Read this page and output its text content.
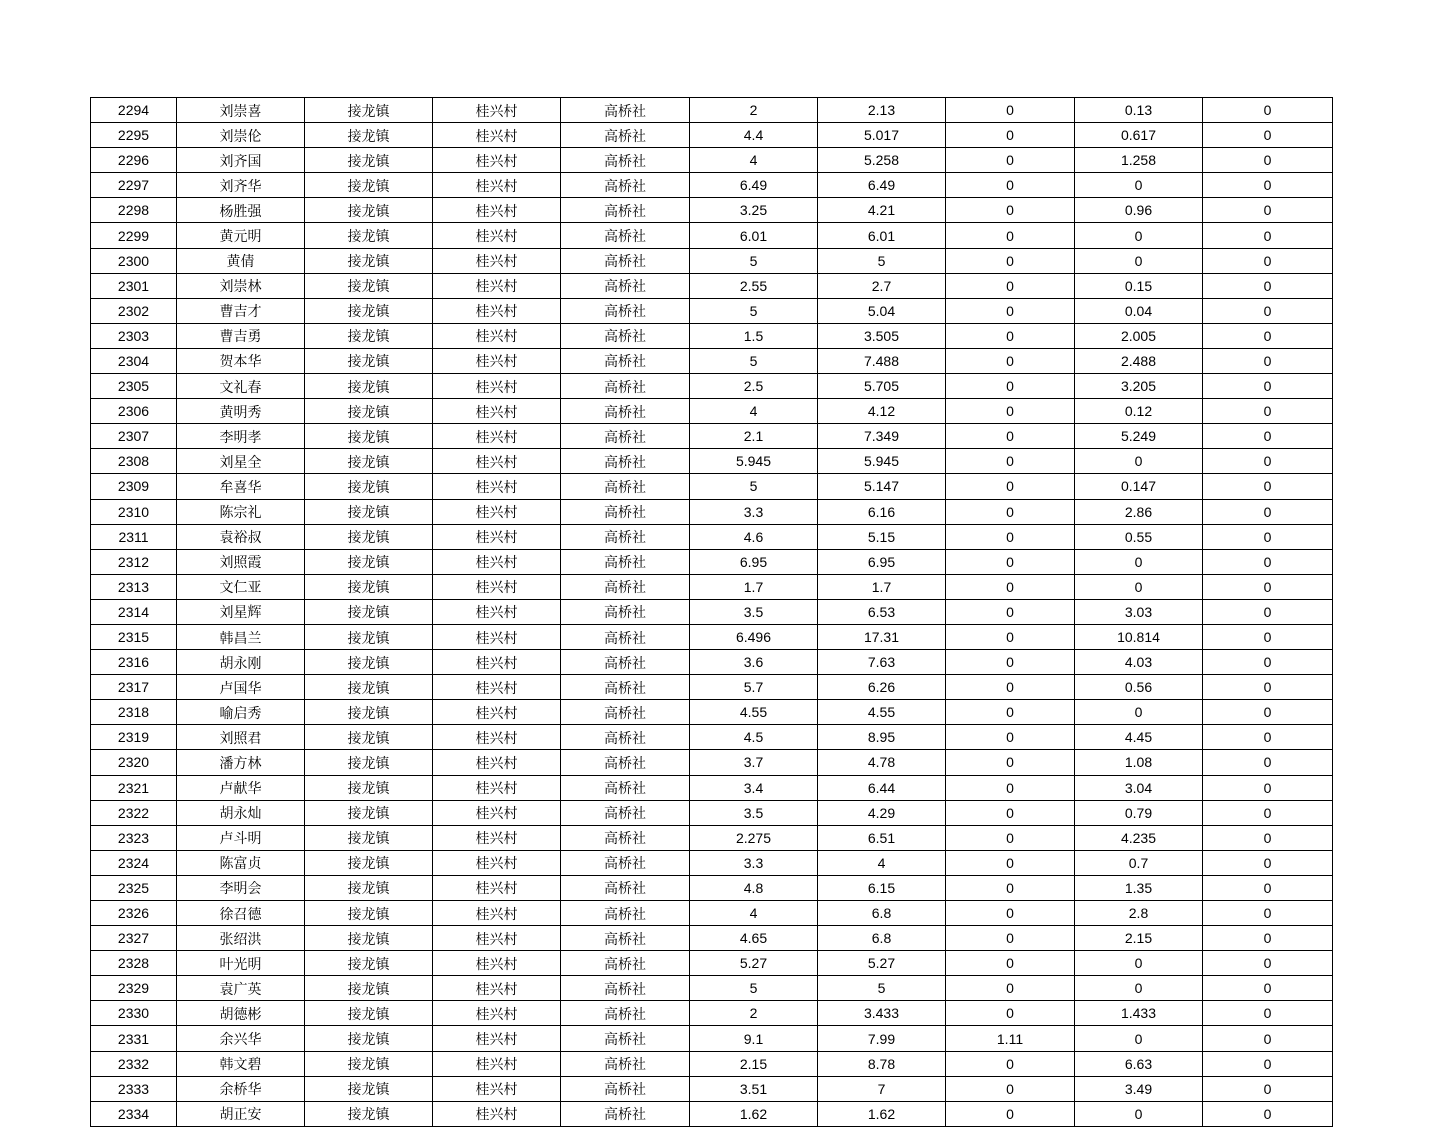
2294	刘崇喜	接龙镇	桂兴村	高桥社	2	2.13	0	0.13	0
2295	刘崇伦	接龙镇	桂兴村	高桥社	4.4	5.017	0	0.617	0
2296	刘齐国	接龙镇	桂兴村	高桥社	4	5.258	0	1.258	0
2297	刘齐华	接龙镇	桂兴村	高桥社	6.49	6.49	0	0	0
2298	杨胜强	接龙镇	桂兴村	高桥社	3.25	4.21	0	0.96	0
2299	黄元明	接龙镇	桂兴村	高桥社	6.01	6.01	0	0	0
2300	黄倩	接龙镇	桂兴村	高桥社	5	5	0	0	0
2301	刘崇林	接龙镇	桂兴村	高桥社	2.55	2.7	0	0.15	0
2302	曹吉才	接龙镇	桂兴村	高桥社	5	5.04	0	0.04	0
2303	曹吉勇	接龙镇	桂兴村	高桥社	1.5	3.505	0	2.005	0
2304	贺本华	接龙镇	桂兴村	高桥社	5	7.488	0	2.488	0
2305	文礼春	接龙镇	桂兴村	高桥社	2.5	5.705	0	3.205	0
2306	黄明秀	接龙镇	桂兴村	高桥社	4	4.12	0	0.12	0
2307	李明孝	接龙镇	桂兴村	高桥社	2.1	7.349	0	5.249	0
2308	刘星全	接龙镇	桂兴村	高桥社	5.945	5.945	0	0	0
2309	牟喜华	接龙镇	桂兴村	高桥社	5	5.147	0	0.147	0
2310	陈宗礼	接龙镇	桂兴村	高桥社	3.3	6.16	0	2.86	0
2311	袁裕叔	接龙镇	桂兴村	高桥社	4.6	5.15	0	0.55	0
2312	刘照霞	接龙镇	桂兴村	高桥社	6.95	6.95	0	0	0
2313	文仁亚	接龙镇	桂兴村	高桥社	1.7	1.7	0	0	0
2314	刘星辉	接龙镇	桂兴村	高桥社	3.5	6.53	0	3.03	0
2315	韩昌兰	接龙镇	桂兴村	高桥社	6.496	17.31	0	10.814	0
2316	胡永刚	接龙镇	桂兴村	高桥社	3.6	7.63	0	4.03	0
2317	卢国华	接龙镇	桂兴村	高桥社	5.7	6.26	0	0.56	0
2318	喻启秀	接龙镇	桂兴村	高桥社	4.55	4.55	0	0	0
2319	刘照君	接龙镇	桂兴村	高桥社	4.5	8.95	0	4.45	0
2320	潘方林	接龙镇	桂兴村	高桥社	3.7	4.78	0	1.08	0
2321	卢献华	接龙镇	桂兴村	高桥社	3.4	6.44	0	3.04	0
2322	胡永灿	接龙镇	桂兴村	高桥社	3.5	4.29	0	0.79	0
2323	卢斗明	接龙镇	桂兴村	高桥社	2.275	6.51	0	4.235	0
2324	陈富贞	接龙镇	桂兴村	高桥社	3.3	4	0	0.7	0
2325	李明会	接龙镇	桂兴村	高桥社	4.8	6.15	0	1.35	0
2326	徐召德	接龙镇	桂兴村	高桥社	4	6.8	0	2.8	0
2327	张绍洪	接龙镇	桂兴村	高桥社	4.65	6.8	0	2.15	0
2328	叶光明	接龙镇	桂兴村	高桥社	5.27	5.27	0	0	0
2329	袁广英	接龙镇	桂兴村	高桥社	5	5	0	0	0
2330	胡德彬	接龙镇	桂兴村	高桥社	2	3.433	0	1.433	0
2331	余兴华	接龙镇	桂兴村	高桥社	9.1	7.99	1.11	0	0
2332	韩文碧	接龙镇	桂兴村	高桥社	2.15	8.78	0	6.63	0
2333	余桥华	接龙镇	桂兴村	高桥社	3.51	7	0	3.49	0
2334	胡正安	接龙镇	桂兴村	高桥社	1.62	1.62	0	0	0
